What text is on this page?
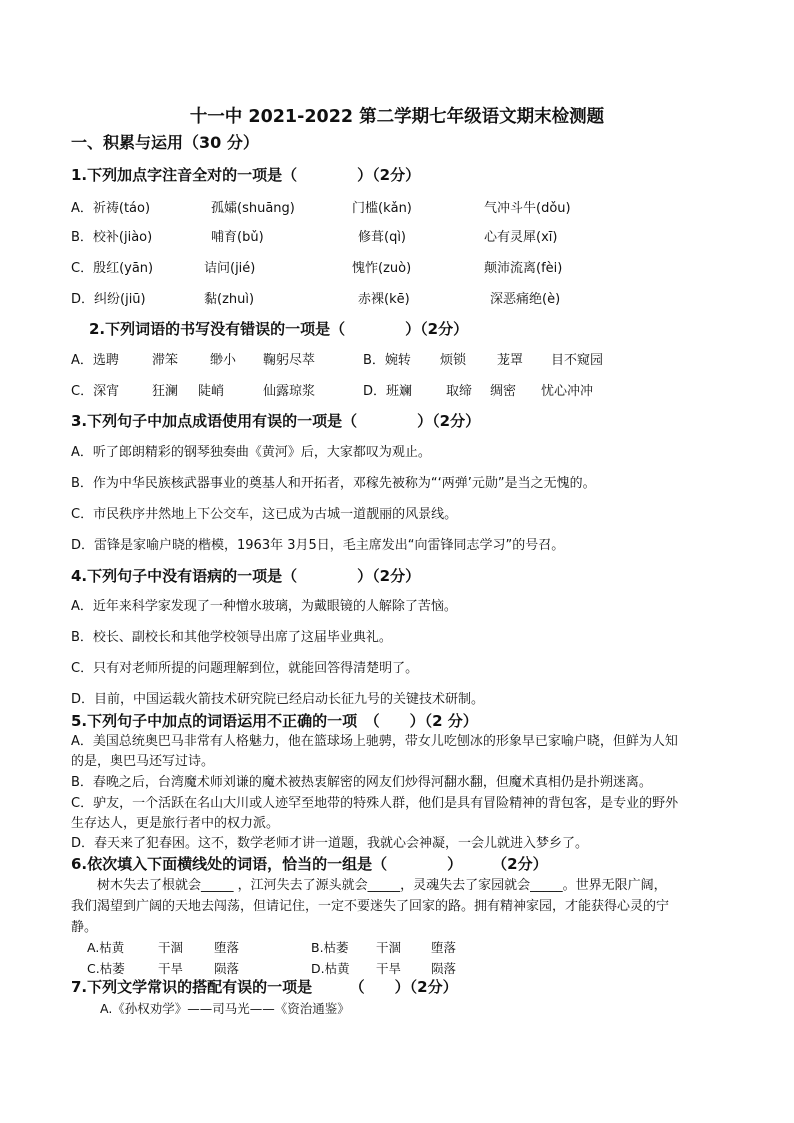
十一中 2021-2022 第二学期七年级语文期末检测题
一、积累与运用（30 分）
1.下列加点字注音全对的一项是（　　　　）（2分）
A．祈祷(táo)	孤孀(shuāng)	门槛(kǎn)	气冲斗牛(dǒu)
B．校补(jiào)	哺育(bǔ)	修葺(qì)	心有灵犀(xī)
C．殷红(yān)	诘问(jié)	愧怍(zuò)	颠沛流离(fèi)
D．纠纷(jiū)	黏(zhuì)	赤裸(kē)	深恶痛绝(è)
2.下列词语的书写没有错误的一项是（　　　　）（2分）
A．选聘	滞笨 缈小 鞠躬尽萃	B．婉转 烦锁 茏罩 目不窥园
C．深宵	狂澜 陡峭	仙露琼浆	D．班斓	取缔 绸密 忧心冲冲
3.下列句子中加点成语使用有误的一项是（　　　　）（2分）
A．听了郎朗精彩的钢琴独奏曲《黄河》后，大家都叹为观止。
B．作为中华民族核武器事业的奠基人和开拓者，邓稼先被称为“‘两弹’元勋”是当之无愧的。
C．市民秩序井然地上下公交车，这已成为古城一道靓丽的风景线。
D．雷锋是家喻户晓的楷模，1963年 3月5日，毛主席发出“向雷锋同志学习”的号召。
4.下列句子中没有语病的一项是（　　　　）（2分）
A．近年来科学家发现了一种憎水玻璃，为戴眼镜的人解除了苦恼。
B．校长、副校长和其他学校领导出席了这届毕业典礼。
C．只有对老师所提的问题理解到位，就能回答得清楚明了。
D．目前，中国运载火箭技术研究院已经启动长征九号的关键技术研制。
5.下列句子中加点的词语运用不正确的一项　（　　）（2 分）
A．美国总统奥巴马非常有人格魅力，他在篮球场上驰骋，带女儿吃刨冰的形象早已家喻户晓，但鲜为人知
的是，奥巴马还写过诗。
B．春晚之后，台湾魔术师刘谦的魔术被热衷解密的网友们炒得河翻水翻，但魔术真相仍是扑朔迷离。
C．驴友，一个活跃在名山大川或人迹罕至地带的特殊人群，他们是具有冒险精神的背包客，是专业的野外
生存达人，更是旅行者中的权力派。
D．春天来了犯春困。这不，数学老师才讲一道题，我就心会神凝，一会儿就进入梦乡了。
6.依次填入下面横线处的词语，恰当的一组是（　　　　）　　　（2分）
　　树木失去了根就会_____ ，江河失去了源头就会_____，灵魂失去了家园就会_____。世界无限广阔，
我们渴望到广阔的天地去闯荡，但请记住，一定不要迷失了回家的路。拥有精神家园，才能获得心灵的宁
静。
A.枯黄	干涸 堕落	B.枯萎 干涸 堕落
C.枯萎	干旱 陨落	D.枯黄 干旱 陨落
7.下列文学常识的搭配有误的一项是　　　（　　）（2分）
A.《孙权劝学》——司马光——《资治通鉴》
